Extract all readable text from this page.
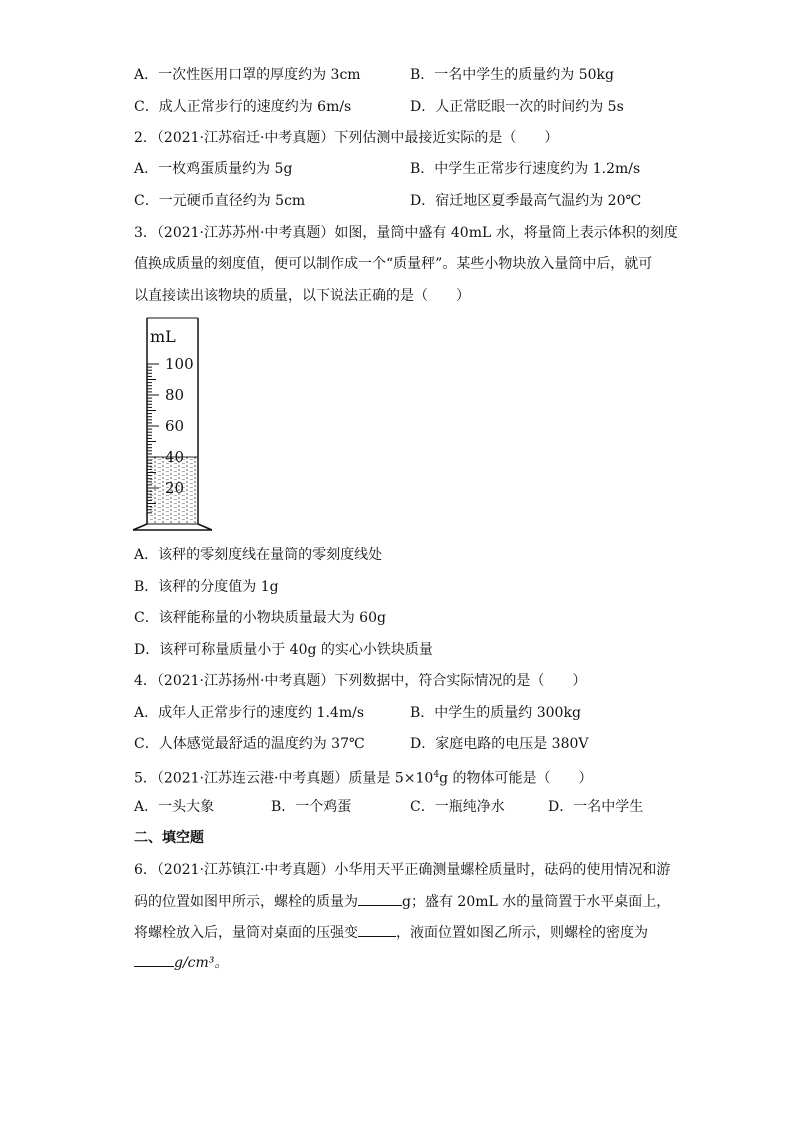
A．一次性医用口罩的厚度约为 3cm	B．一名中学生的质量约为 50kg
C．成人正常步行的速度约为 6m/s	D．人正常眨眼一次的时间约为 5s
2．（2021·江苏宿迁·中考真题）下列估测中最接近实际的是（　　）
A．一枚鸡蛋质量约为 5g	B．中学生正常步行速度约为 1.2m/s
C．一元硬币直径约为 5cm	D．宿迁地区夏季最高气温约为 20℃
3．（2021·江苏苏州·中考真题）如图，量筒中盛有 40mL 水，将量筒上表示体积的刻度
值换成质量的刻度值，便可以制作成一个“质量秤”。某些小物块放入量筒中后，就可
以直接读出该物块的质量，以下说法正确的是（　　）
mL
100
80
60
40
20
A．该秤的零刻度线在量筒的零刻度线处
B．该秤的分度值为 1g
C．该秤能称量的小物块质量最大为 60g
D．该秤可称量质量小于 40g 的实心小铁块质量
4．（2021·江苏扬州·中考真题）下列数据中，符合实际情况的是（　　）
A．成年人正常步行的速度约 1.4m/s	B．中学生的质量约 300kg
C．人体感觉最舒适的温度约为 37℃	D．家庭电路的电压是 380V
5．（2021·江苏连云港·中考真题）质量是 $5\times 10^4g$ 的物体可能是（　　）
A．一头大象	B．一个鸡蛋	C．一瓶纯净水	D．一名中学生
二、填空题
6．（2021·江苏镇江·中考真题）小华用天平正确测量螺栓质量时，砝码的使用情况和游
码的位置如图甲所示，螺栓的质量为	g；盛有 20mL 水的量筒置于水平桌面上，
将螺栓放入后，量筒对桌面的压强变	，液面位置如图乙所示，则螺栓的密度为
g/cm³。
